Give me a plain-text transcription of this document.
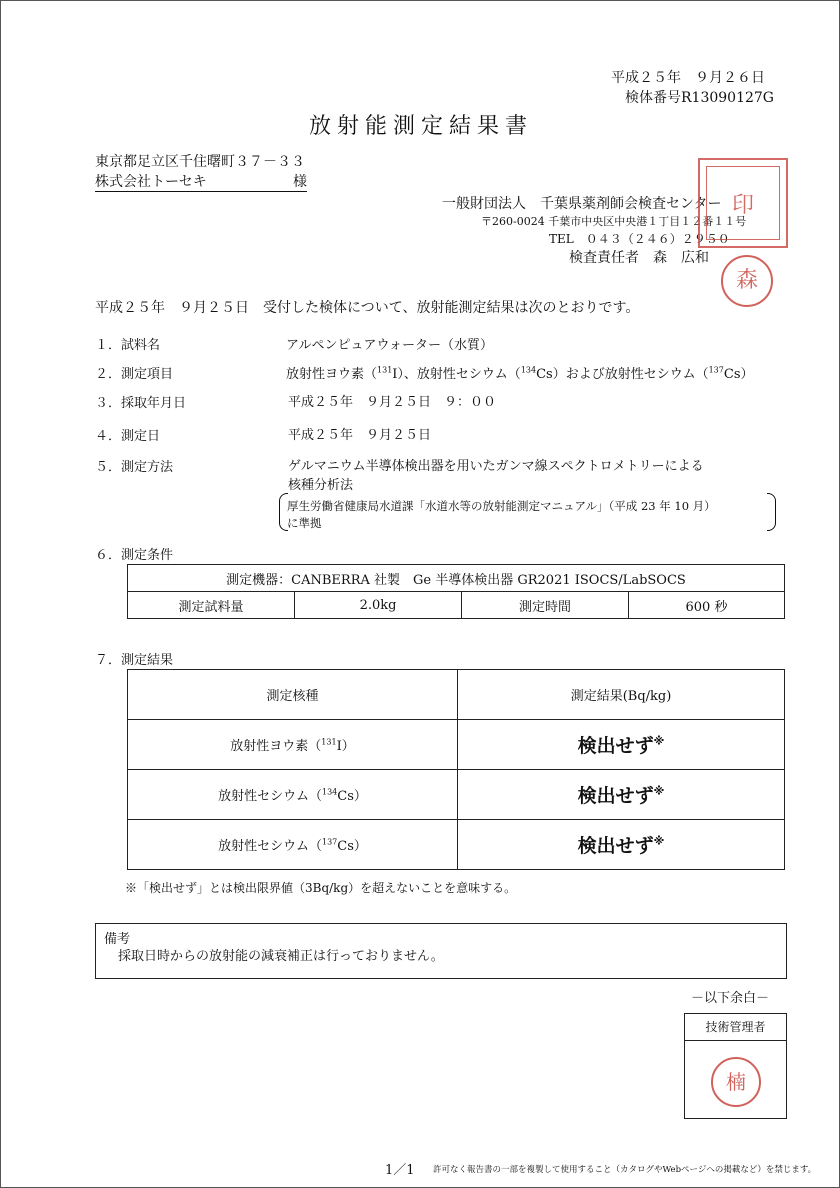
平成２５年　９月２６日
検体番号R13090127G
放射能測定結果書
東京都足立区千住曙町３７－３３
株式会社トーセキ	様
一般財団法人　千葉県薬剤師会検査センター
〒260-0024 千葉市中央区中央港１丁目１２番１１号
TEL　０４３（２４６）２９５０
検査責任者　 森　広和
印
森
平成２５年　９月２５日　受付した検体について、放射能測定結果は次のとおりです。
１． 試料名	アルペンピュアウォーター（水質）
２． 測定項目	放射性ヨウ素（$^{131}$I）、放射性セシウム（$^{134}$Cs）および放射性セシウム（$^{137}$Cs）
３． 採取年月日	平成２５年　９月２５日　９：００
４． 測定日	平成２５年　９月２５日
５． 測定方法	ゲルマニウム半導体検出器を用いたガンマ線スペクトロメトリーによる
核種分析法
厚生労働省健康局水道課「水道水等の放射能測定マニュアル」（平成 23 年 10 月）
に準拠
６．測定条件
測定機器：CANBERRA 社製　Ge 半導体検出器 GR2021 ISOCS/LabSOCS
測定試料量	2.0kg	測定時間	600 秒
７．測定結果
測定核種	測定結果(Bq/kg)
放射性ヨウ素（$^{131}$I）	検出せず※
放射性セシウム（$^{134}$Cs）	検出せず※
放射性セシウム（$^{137}$Cs）	検出せず※
※「検出せず」とは検出限界値（3Bq/kg）を超えないことを意味する。
備考
採取日時からの放射能の減衰補正は行っておりません。
－以下余白－
技術管理者
楠
1／1 許可なく報告書の一部を複製して使用すること（カタログやWebページへの掲載など）を禁じます。
